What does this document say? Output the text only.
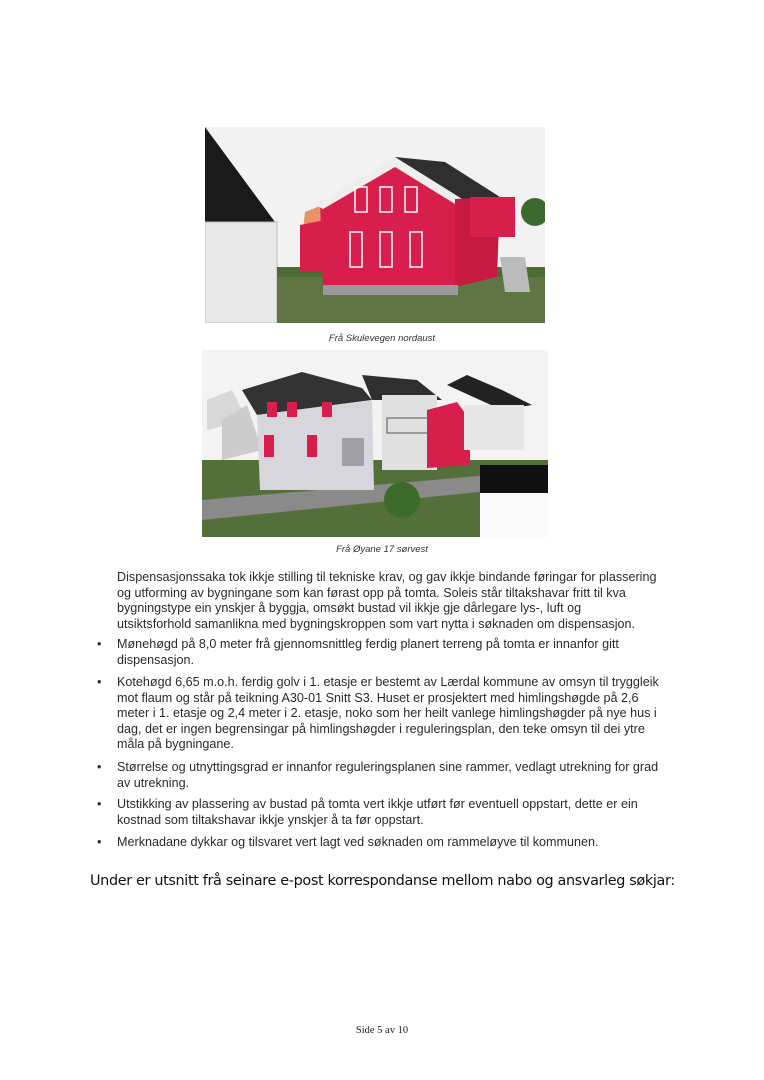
Frå Skulevegen nordaust
Frå Øyane 17 sørvest
Dispensasjonssaka tok ikkje stilling til tekniske krav, og gav ikkje bindande føringar for plassering og utforming av bygningane som kan førast opp på tomta. Soleis står tiltakshavar fritt til kva bygningstype ein ynskjer å byggja, omsøkt bustad vil ikkje gje dårlegare lys-, luft og utsiktsforhold samanlikna med bygningskroppen som vart nytta i søknaden om dispensasjon.
• Mønehøgd på 8,0 meter frå gjennomsnittleg ferdig planert terreng på tomta er innanfor gitt dispensasjon.
• Kotehøgd 6,65 m.o.h. ferdig golv i 1. etasje er bestemt av Lærdal kommune av omsyn til tryggleik mot flaum og står på teikning A30-01 Snitt S3. Huset er prosjektert med himlingshøgde på 2,6 meter i 1. etasje og 2,4 meter i 2. etasje, noko som her heilt vanlege himlingshøgder på nye hus i dag, det er ingen begrensingar på himlingshøgder i reguleringsplan, den teke omsyn til dei ytre måla på bygningane.
• Størrelse og utnyttingsgrad er innanfor reguleringsplanen sine rammer, vedlagt utrekning for grad av utrekning.
• Utstikking av plassering av bustad på tomta vert ikkje utført før eventuell oppstart, dette er ein kostnad som tiltakshavar ikkje ynskjer å ta før oppstart.
• Merknadane dykkar og tilsvaret vert lagt ved søknaden om rammeløyve til kommunen.
Under er utsnitt frå seinare e-post korrespondanse mellom nabo og ansvarleg søkjar:
Side 5 av 10
